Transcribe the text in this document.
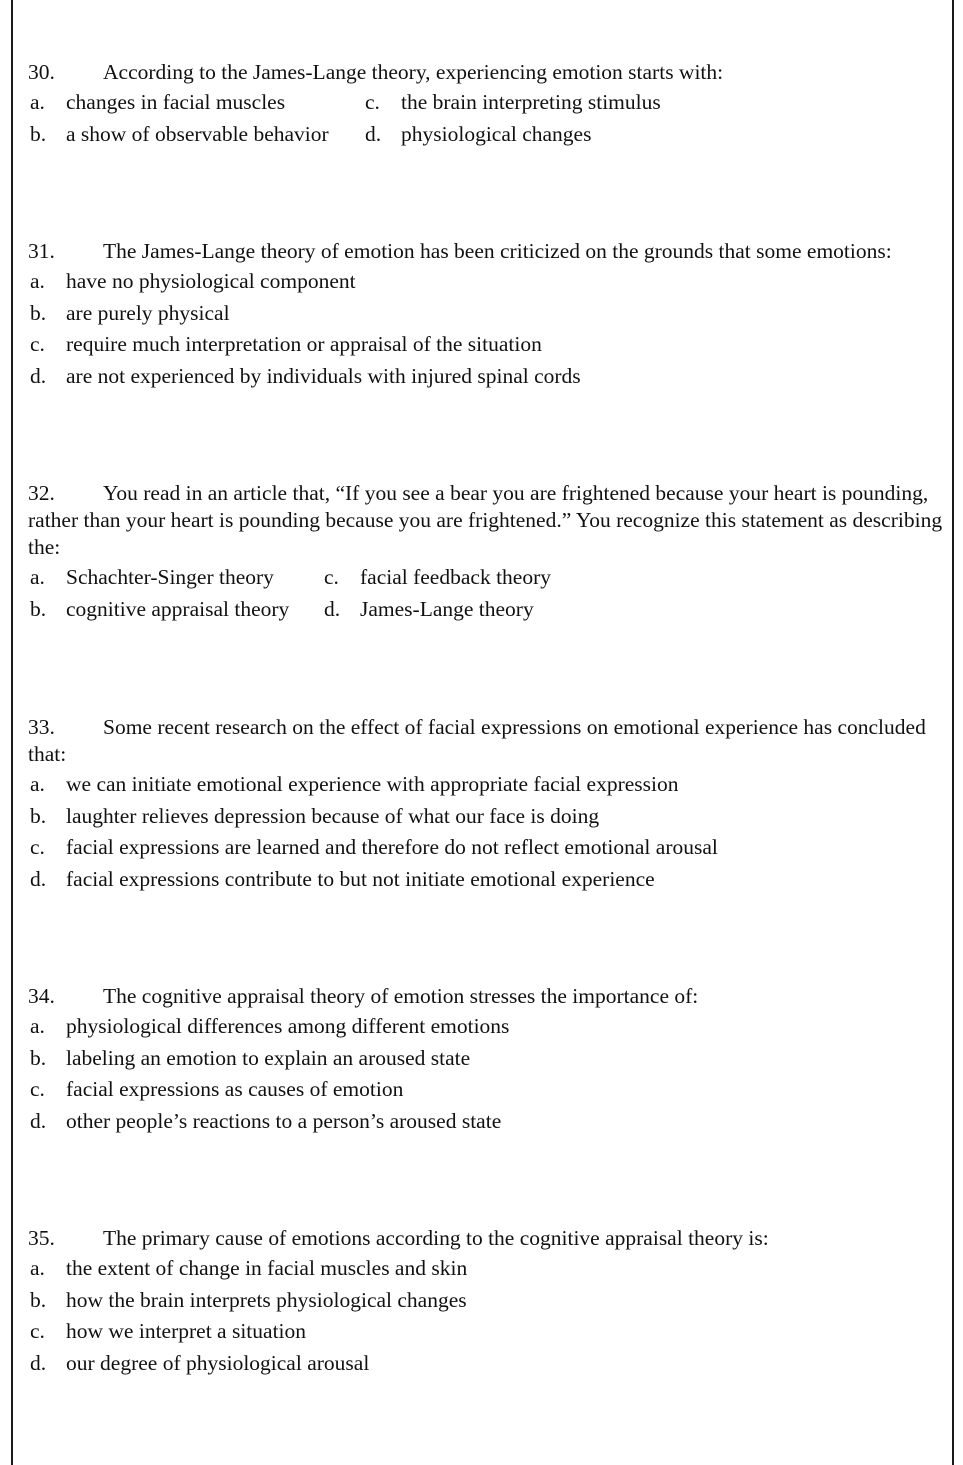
30. According to the James-Lange theory, experiencing emotion starts with:
a. changes in facial muscles	c. the brain interpreting stimulus
b. a show of observable behavior d. physiological changes
31. The James-Lange theory of emotion has been criticized on the grounds that some emotions:
a. have no physiological component
b. are purely physical
c. require much interpretation or appraisal of the situation
d. are not experienced by individuals with injured spinal cords
32. You read in an article that, “If you see a bear you are frightened because your heart is pounding, rather than your heart is pounding because you are frightened.” You recognize this statement as describing the:
a. Schachter-Singer theory c. facial feedback theory
b. cognitive appraisal theory d. James-Lange theory
33. Some recent research on the effect of facial expressions on emotional experience has concluded that:
a. we can initiate emotional experience with appropriate facial expression
b. laughter relieves depression because of what our face is doing
c. facial expressions are learned and therefore do not reflect emotional arousal
d. facial expressions contribute to but not initiate emotional experience
34. The cognitive appraisal theory of emotion stresses the importance of:
a. physiological differences among different emotions
b. labeling an emotion to explain an aroused state
c. facial expressions as causes of emotion
d. other people’s reactions to a person’s aroused state
35. The primary cause of emotions according to the cognitive appraisal theory is:
a. the extent of change in facial muscles and skin
b. how the brain interprets physiological changes
c. how we interpret a situation
d. our degree of physiological arousal
